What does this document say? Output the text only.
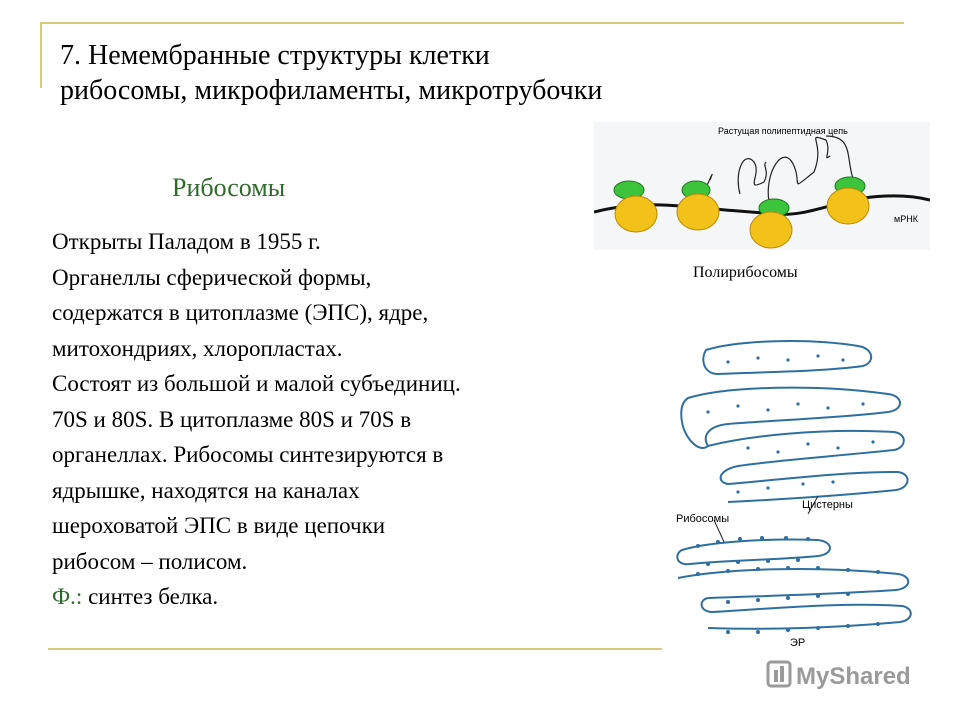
7. Немембранные структуры клетки
рибосомы, микрофиламенты, микротрубочки
Рибосомы

Открыты Паладом в 1955 г.

Органеллы сферической формы,

содержатся в цитоплазме (ЭПС), ядре,

митохондриях, хлоропластах.

Состоят из большой и малой субъединиц.

70S и 80S. В цитоплазме 80S и 70S в

органеллах. Рибосомы синтезируются в

ядрышке, находятся на каналах

шероховатой ЭПС в виде цепочки

рибосом – полисом.

Ф.: синтез белка.

Растущая полипептидная цепь
мРНК
Полирибосомы
Рибосомы
Цистерны
ЭР
MyShared
